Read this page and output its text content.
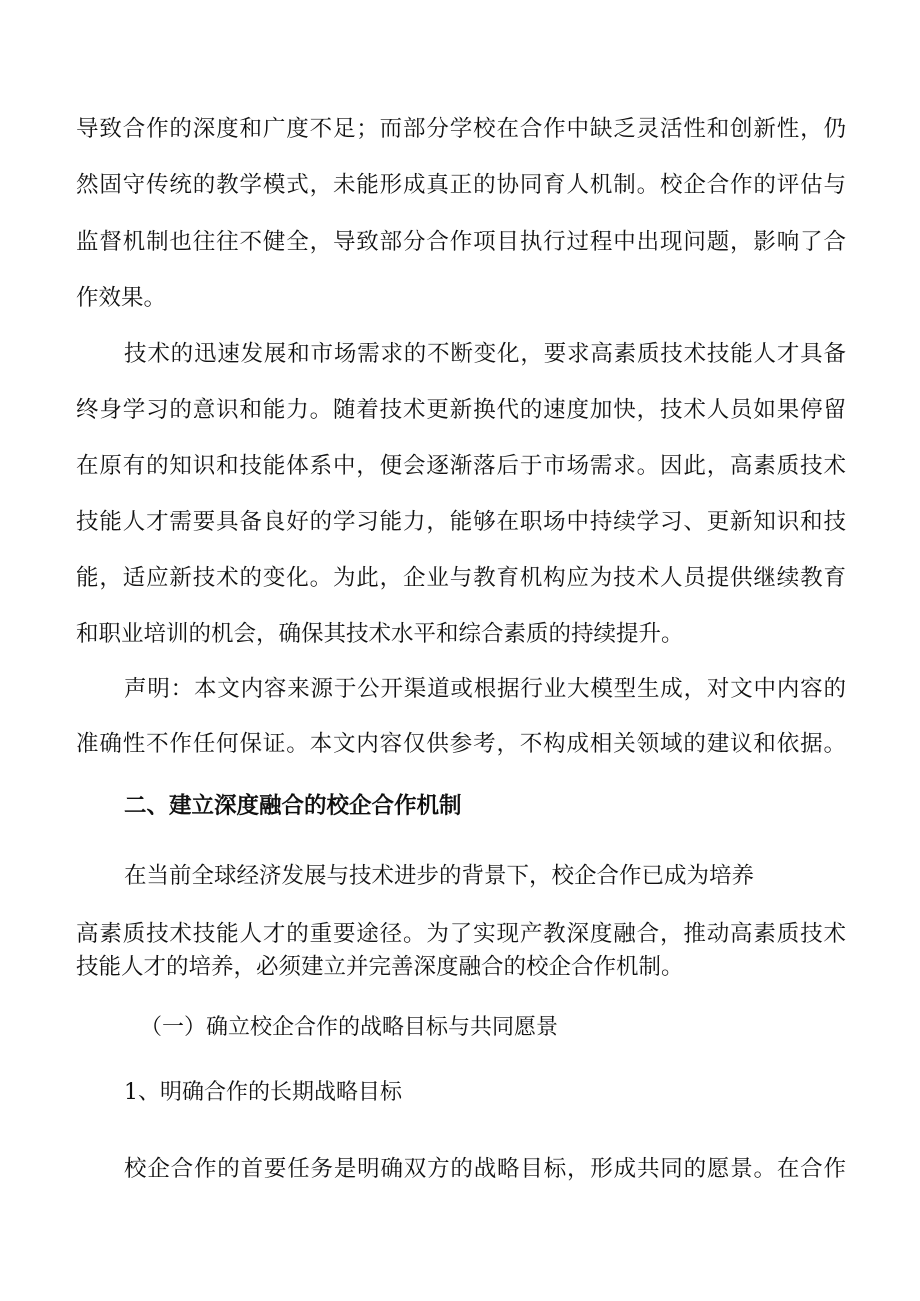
导致合作的深度和广度不足；而部分学校在合作中缺乏灵活性和创新性，仍
然固守传统的教学模式，未能形成真正的协同育人机制。校企合作的评估与
监督机制也往往不健全，导致部分合作项目执行过程中出现问题，影响了合
作效果。
技术的迅速发展和市场需求的不断变化，要求高素质技术技能人才具备
终身学习的意识和能力。随着技术更新换代的速度加快，技术人员如果停留
在原有的知识和技能体系中，便会逐渐落后于市场需求。因此，高素质技术
技能人才需要具备良好的学习能力，能够在职场中持续学习、更新知识和技
能，适应新技术的变化。为此，企业与教育机构应为技术人员提供继续教育
和职业培训的机会，确保其技术水平和综合素质的持续提升。
声明：本文内容来源于公开渠道或根据行业大模型生成，对文中内容的
准确性不作任何保证。本文内容仅供参考，不构成相关领域的建议和依据。
二、建立深度融合的校企合作机制
在当前全球经济发展与技术进步的背景下，校企合作已成为培养
高素质技术技能人才的重要途径。为了实现产教深度融合，推动高素质技术
技能人才的培养，必须建立并完善深度融合的校企合作机制。
（一）确立校企合作的战略目标与共同愿景
1、明确合作的长期战略目标
校企合作的首要任务是明确双方的战略目标，形成共同的愿景。在合作
